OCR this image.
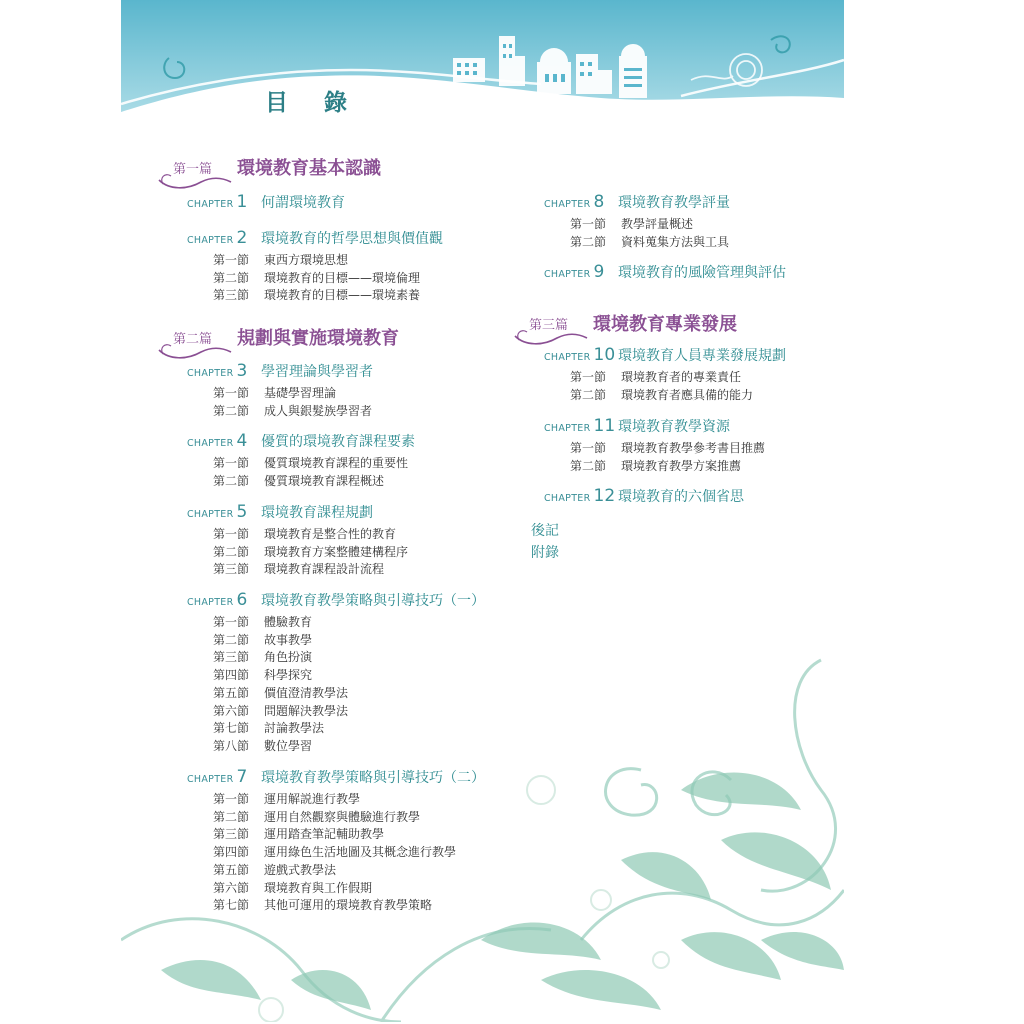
目 錄
第一篇 環境教育基本認識
第二篇 規劃與實施環境教育
第三篇 環境教育專業發展
CHAPTER 1 何謂環境教育
CHAPTER 2 環境教育的哲學思想與價值觀
第一節 東西方環境思想
第二節 環境教育的目標——環境倫理
第三節 環境教育的目標——環境素養
CHAPTER 3 學習理論與學習者
第一節 基礎學習理論
第二節 成人與銀髮族學習者
CHAPTER 4 優質的環境教育課程要素
第一節 優質環境教育課程的重要性
第二節 優質環境教育課程概述
CHAPTER 5 環境教育課程規劃
第一節 環境教育是整合性的教育
第二節 環境教育方案整體建構程序
第三節 環境教育課程設計流程
CHAPTER 6 環境教育教學策略與引導技巧（一）
第一節 體驗教育
第二節 故事教學
第三節 角色扮演
第四節 科學探究
第五節 價值澄清教學法
第六節 問題解決教學法
第七節 討論教學法
第八節 數位學習
CHAPTER 7 環境教育教學策略與引導技巧（二）
第一節 運用解説進行教學
第二節 運用自然觀察與體驗進行教學
第三節 運用踏查筆記輔助教學
第四節 運用綠色生活地圖及其概念進行教學
第五節 遊戲式教學法
第六節 環境教育與工作假期
第七節 其他可運用的環境教育教學策略
CHAPTER 8 環境教育教學評量
第一節 教學評量概述
第二節 資料蒐集方法與工具
CHAPTER 9 環境教育的風險管理與評估
CHAPTER 10 環境教育人員專業發展規劃
第一節 環境教育者的專業責任
第二節 環境教育者應具備的能力
CHAPTER 11 環境教育教學資源
第一節 環境教育教學參考書目推薦
第二節 環境教育教學方案推薦
CHAPTER 12 環境教育的六個省思
後記
附錄
